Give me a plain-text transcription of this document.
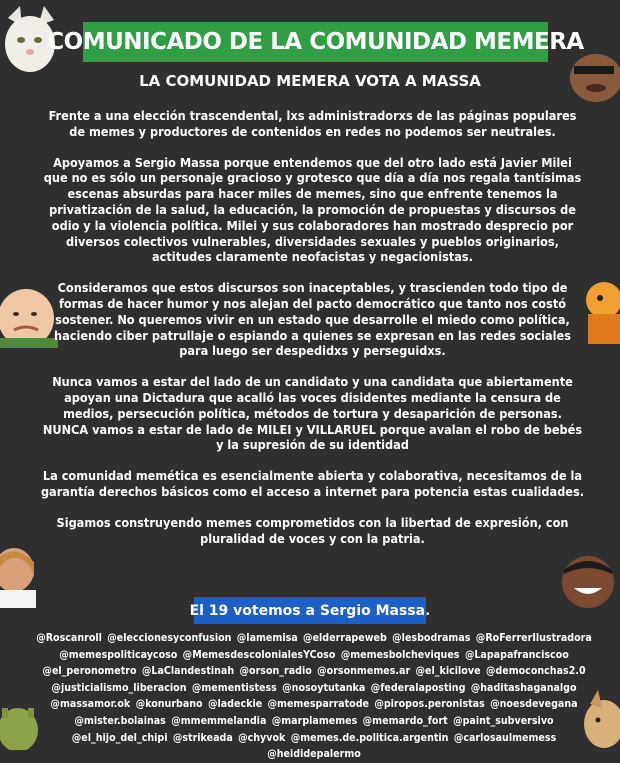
COMUNICADO DE LA COMUNIDAD MEMERA
LA COMUNIDAD MEMERA VOTA A MASSA

Frente a una elección trascendental, lxs administradorxs de las páginas populares de memes y productores de contenidos en redes no podemos ser neutrales.

Apoyamos a Sergio Massa porque entendemos que del otro lado está Javier Milei que no es sólo un personaje gracioso y grotesco que día a día nos regala tantísimas escenas absurdas para hacer miles de memes, sino que enfrente tenemos la privatización de la salud, la educación, la promoción de propuestas y discursos de odio y la violencia política. Milei y sus colaboradores han mostrado desprecio por diversos colectivos vulnerables, diversidades sexuales y pueblos originarios, actitudes claramente neofacistas y negacionistas.

Consideramos que estos discursos son inaceptables, y trascienden todo tipo de formas de hacer humor y nos alejan del pacto democrático que tanto nos costó sostener. No queremos vivir en un estado que desarrolle el miedo como política, haciendo ciber patrullaje o espiando a quienes se expresan en las redes sociales para luego ser despedidxs y perseguidxs.

Nunca vamos a estar del lado de un candidato y una candidata que abiertamente apoyan una Dictadura que acalló las voces disidentes mediante la censura de medios, persecución política, métodos de tortura y desaparición de personas. NUNCA vamos a estar de lado de MILEI y VILLARUEL porque avalan el robo de bebés y la supresión de su identidad

La comunidad memética es esencialmente abierta y colaborativa, necesitamos de la garantía derechos básicos como el acceso a internet para potencia estas cualidades.

Sigamos construyendo memes comprometidos con la libertad de expresión, con pluralidad de voces y con la patria.

El 19 votemos a Sergio Massa.
@Roscanroll @eleccionesyconfusion @lamemisa @elderrapeweb @lesbodramas @RoFerrerIlustradora @memespoliticaycoso @MemesdescolonialesYCoso @memesbolcheviques @Lapapafranciscoo @el_peronometro @LaClandestinah @orson_radio @orsonmemes.ar @el_kicilove @democonchas2.0 @justicialismo_liberacion @mementistess @nosoytutanka @federalaposting @haditashaganalgo @massamor.ok @konurbano @ladeckie @memesparratode @piropos.peronistas @noesdevegana @mister.bolainas @mmemmelandia @marplamemes @memardo_fort @paint_subversivo @el_hijo_del_chipi @strikeada @chyvok @memes.de.politica.argentin @carlosaulmemess @heididepalermo
